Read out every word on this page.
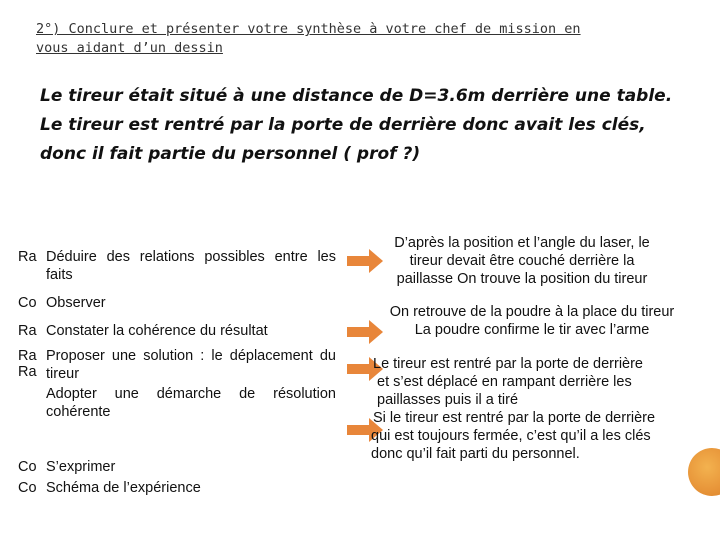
2°) Conclure et présenter votre synthèse à votre chef de mission en
vous aidant d’un dessin
Le tireur était situé à une distance de D=3.6m derrière une table.
Le tireur est rentré par la porte de derrière donc avait les clés,
donc il fait partie du personnel ( prof ?)
Ra Déduire des relations possibles entre les faits
Co Observer
Ra Constater la cohérence du résultat
Ra Proposer une solution : le déplacement du tireur
Ra
Adopter une démarche de résolution cohérente
Co S’exprimer
Co Schéma de l’expérience
D’après la position et l’angle du laser, le
tireur devait être couché derrière la
paillasse On trouve la position du tireur
On retrouve de la poudre à la place du tireur
La poudre confirme le tir avec l’arme
Le tireur est rentré par la porte de derrière
et s’est déplacé en rampant derrière les
paillasses puis il a tiré
Si le tireur est rentré par la porte de derrière
qui est toujours fermée, c’est qu’il a les clés
donc qu’il fait parti du personnel.
